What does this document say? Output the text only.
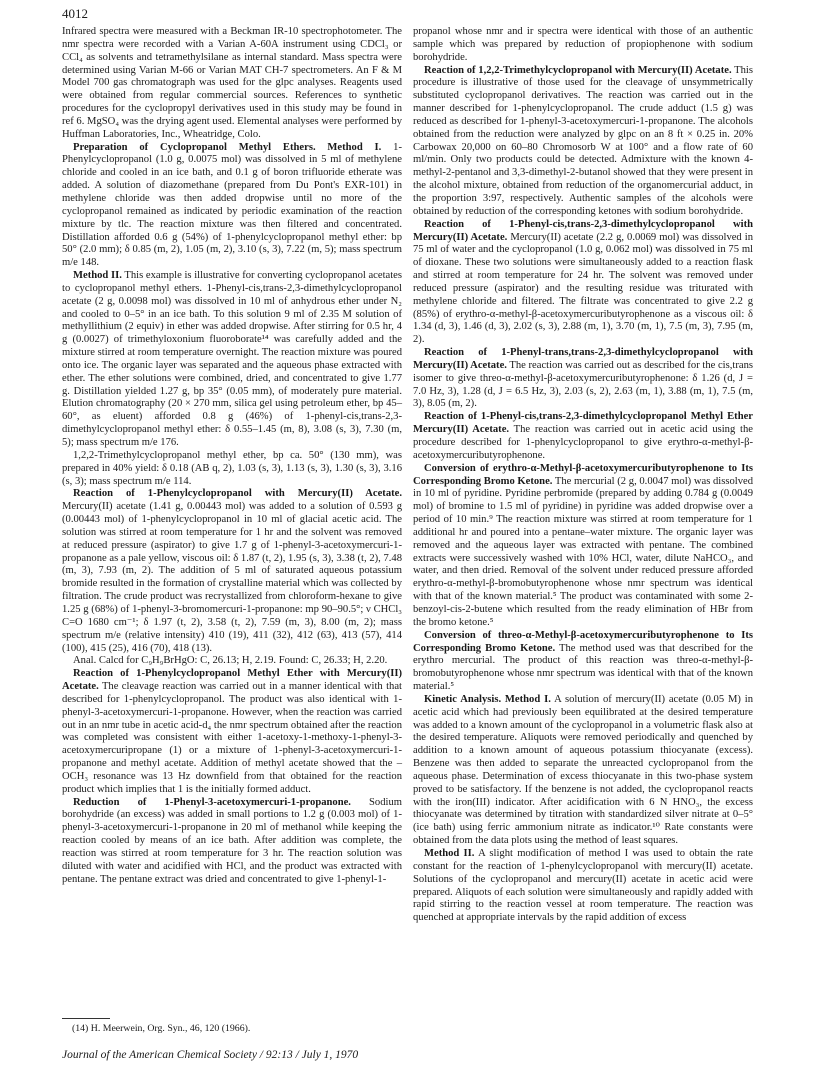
4012

Infrared spectra were measured with a Beckman IR-10 spectrophotometer. The nmr spectra were recorded with a Varian A-60A instrument using CDCl₃ or CCl₄ as solvents and tetramethylsilane as internal standard. Mass spectra were determined using Varian M-66 or Varian MAT CH-7 spectrometers. An F & M Model 700 gas chromatograph was used for the glpc analyses. Reagents used were obtained from regular commercial sources. References to synthetic procedures for the cyclopropyl derivatives used in this study may be found in ref 6. MgSO₄ was the drying agent used. Elemental analyses were performed by Huffman Laboratories, Inc., Wheatridge, Colo.

Preparation of Cyclopropanol Methyl Ethers. Method I. 1-Phenylcyclopropanol (1.0 g, 0.0075 mol) was dissolved in 5 ml of methylene chloride and cooled in an ice bath, and 0.1 g of boron trifluoride etherate was added. A solution of diazomethane (prepared from Du Pont's EXR-101) in methylene chloride was then added dropwise until no more of the cyclopropanol remained as indicated by periodic examination of the reaction mixture by tlc. The reaction mixture was then filtered and concentrated. Distillation afforded 0.6 g (54%) of 1-phenylcyclopropanol methyl ether: bp 50° (2.0 mm); δ 0.85 (m, 2), 1.05 (m, 2), 3.10 (s, 3), 7.22 (m, 5); mass spectrum m/e 148.

Method II. This example is illustrative for converting cyclopropanol acetates to cyclopropanol methyl ethers. 1-Phenyl-cis,trans-2,3-dimethylcyclopropanol acetate (2 g, 0.0098 mol) was dissolved in 10 ml of anhydrous ether under N₂ and cooled to 0–5° in an ice bath. To this solution 9 ml of 2.35 M solution of methyllithium (2 equiv) in ether was added dropwise. After stirring for 0.5 hr, 4 g (0.0027) of trimethyloxonium fluoroborate¹⁴ was carefully added and the mixture stirred at room temperature overnight. The reaction mixture was poured onto ice. The organic layer was separated and the aqueous phase extracted with ether. The ether solutions were combined, dried, and concentrated to give 1.77 g. Distillation yielded 1.27 g, bp 35° (0.05 mm), of moderately pure material. Elution chromatography (20 × 270 mm, silica gel using petroleum ether, bp 45–60°, as eluent) afforded 0.8 g (46%) of 1-phenyl-cis,trans-2,3-dimethylcyclopropanol methyl ether: δ 0.55–1.45 (m, 8), 3.08 (s, 3), 7.30 (m, 5); mass spectrum m/e 176.

1,2,2-Trimethylcyclopropanol methyl ether, bp ca. 50° (130 mm), was prepared in 40% yield: δ 0.18 (AB q, 2), 1.03 (s, 3), 1.13 (s, 3), 1.30 (s, 3), 3.16 (s, 3); mass spectrum m/e 114.

Reaction of 1-Phenylcyclopropanol with Mercury(II) Acetate. Mercury(II) acetate (1.41 g, 0.00443 mol) was added to a solution of 0.593 g (0.00443 mol) of 1-phenylcyclopropanol in 10 ml of glacial acetic acid. The solution was stirred at room temperature for 1 hr and the solvent was removed at reduced pressure (aspirator) to give 1.7 g of 1-phenyl-3-acetoxymercuri-1-propanone as a pale yellow, viscous oil: δ 1.87 (t, 2), 1.95 (s, 3), 3.38 (t, 2), 7.48 (m, 3), 7.93 (m, 2). The addition of 5 ml of saturated aqueous potassium bromide resulted in the formation of crystalline material which was collected by filtration. The crude product was recrystallized from chloroform-hexane to give 1.25 g (68%) of 1-phenyl-3-bromomercuri-1-propanone: mp 90–90.5°; ν CHCl₃ C=O 1680 cm⁻¹; δ 1.97 (t, 2), 3.58 (t, 2), 7.59 (m, 3), 8.00 (m, 2); mass spectrum m/e (relative intensity) 410 (19), 411 (32), 412 (63), 413 (57), 414 (100), 415 (25), 416 (70), 418 (13).

Anal. Calcd for C₉H₉BrHgO: C, 26.13; H, 2.19. Found: C, 26.33; H, 2.20.

Reaction of 1-Phenylcyclopropanol Methyl Ether with Mercury(II) Acetate. The cleavage reaction was carried out in a manner identical with that described for 1-phenylcyclopropanol. The product was also identical with 1-phenyl-3-acetoxymercuri-1-propanone. However, when the reaction was carried out in an nmr tube in acetic acid-d₄ the nmr spectrum obtained after the reaction was completed was consistent with either 1-acetoxy-1-methoxy-1-phenyl-3-acetoxymercuripropane (1) or a mixture of 1-phenyl-3-acetoxymercuri-1-propanone and methyl acetate. Addition of methyl acetate showed that the –OCH₃ resonance was 13 Hz downfield from that obtained for the reaction product which implies that 1 is the initially formed adduct.

Reduction of 1-Phenyl-3-acetoxymercuri-1-propanone. Sodium borohydride (an excess) was added in small portions to 1.2 g (0.003 mol) of 1-phenyl-3-acetoxymercuri-1-propanone in 20 ml of methanol while keeping the reaction cooled by means of an ice bath. After addition was complete, the reaction was stirred at room temperature for 3 hr. The reaction solution was diluted with water and acidified with HCl, and the product was extracted with pentane. The pentane extract was dried and concentrated to give 1-phenyl-1-

propanol whose nmr and ir spectra were identical with those of an authentic sample which was prepared by reduction of propiophenone with sodium borohydride.

Reaction of 1,2,2-Trimethylcyclopropanol with Mercury(II) Acetate. This procedure is illustrative of those used for the cleavage of unsymmetrically substituted cyclopropanol derivatives. The reaction was carried out in the manner described for 1-phenylcyclopropanol. The crude adduct (1.5 g) was reduced as described for 1-phenyl-3-acetoxymercuri-1-propanone. The alcohols obtained from the reduction were analyzed by glpc on an 8 ft × 0.25 in. 20% Carbowax 20,000 on 60–80 Chromosorb W at 100° and a flow rate of 60 ml/min. Only two products could be detected. Admixture with the known 4-methyl-2-pentanol and 3,3-dimethyl-2-butanol showed that they were present in the alcohol mixture, obtained from reduction of the organomercurial adduct, in the proportion 3:97, respectively. Authentic samples of the alcohols were obtained by reduction of the corresponding ketones with sodium borohydride.

Reaction of 1-Phenyl-cis,trans-2,3-dimethylcyclopropanol with Mercury(II) Acetate. Mercury(II) acetate (2.2 g, 0.0069 mol) was dissolved in 75 ml of water and the cyclopropanol (1.0 g, 0.062 mol) was dissolved in 75 ml of dioxane. These two solutions were simultaneously added to a reaction flask and stirred at room temperature for 24 hr. The solvent was removed under reduced pressure (aspirator) and the resulting residue was triturated with methylene chloride and filtered. The filtrate was concentrated to give 2.2 g (85%) of erythro-α-methyl-β-acetoxymercuributyrophenone as a viscous oil: δ 1.34 (d, 3), 1.46 (d, 3), 2.02 (s, 3), 2.88 (m, 1), 3.70 (m, 1), 7.5 (m, 3), 7.95 (m, 2).

Reaction of 1-Phenyl-trans,trans-2,3-dimethylcyclopropanol with Mercury(II) Acetate. The reaction was carried out as described for the cis,trans isomer to give threo-α-methyl-β-acetoxymercuributyrophenone: δ 1.26 (d, J = 7.0 Hz, 3), 1.28 (d, J = 6.5 Hz, 3), 2.03 (s, 2), 2.63 (m, 1), 3.88 (m, 1), 7.5 (m, 3), 8.05 (m, 2).

Reaction of 1-Phenyl-cis,trans-2,3-dimethylcyclopropanol Methyl Ether Mercury(II) Acetate. The reaction was carried out in acetic acid using the procedure described for 1-phenylcyclopropanol to give erythro-α-methyl-β-acetoxymercuributyrophenone.

Conversion of erythro-α-Methyl-β-acetoxymercuributyrophenone to Its Corresponding Bromo Ketone. The mercurial (2 g, 0.0047 mol) was dissolved in 10 ml of pyridine. Pyridine perbromide (prepared by adding 0.784 g (0.0049 mol) of bromine to 1.5 ml of pyridine) in pyridine was added dropwise over a period of 10 min.⁹ The reaction mixture was stirred at room temperature for 1 additional hr and poured into a pentane–water mixture. The organic layer was removed and the aqueous layer was extracted with pentane. The combined extracts were successively washed with 10% HCl, water, dilute NaHCO₃, and water, and then dried. Removal of the solvent under reduced pressure afforded erythro-α-methyl-β-bromobutyrophenone whose nmr spectrum was identical with that of the known material.⁵ The product was contaminated with some 2-benzoyl-cis-2-butene which resulted from the ready elimination of HBr from the bromo ketone.⁵

Conversion of threo-α-Methyl-β-acetoxymercuributyrophenone to Its Corresponding Bromo Ketone. The method used was that described for the erythro mercurial. The product of this reaction was threo-α-methyl-β-bromobutyrophenone whose nmr spectrum was identical with that of the known material.⁵

Kinetic Analysis. Method I. A solution of mercury(II) acetate (0.05 M) in acetic acid which had previously been equilibrated at the desired temperature was added to a known amount of the cyclopropanol in a volumetric flask also at the desired temperature. Aliquots were removed periodically and quenched by addition to a known amount of aqueous potassium thiocyanate (excess). Benzene was then added to separate the unreacted cyclopropanol from the aqueous phase. Determination of excess thiocyanate in this two-phase system proved to be satisfactory. If the benzene is not added, the cyclopropanol reacts with the iron(III) indicator. After acidification with 6 N HNO₃, the excess thiocyanate was determined by titration with standardized silver nitrate at 0–5° (ice bath) using ferric ammonium nitrate as indicator.¹⁰ Rate constants were obtained from the data plots using the method of least squares.

Method II. A slight modification of method I was used to obtain the rate constant for the reaction of 1-phenylcyclopropanol with mercury(II) acetate. Solutions of the cyclopropanol and mercury(II) acetate in acetic acid were prepared. Aliquots of each solution were simultaneously and rapidly added with rapid stirring to the reaction vessel at room temperature. The reaction was quenched at appropriate intervals by the rapid addition of excess

(14) H. Meerwein, Org. Syn., 46, 120 (1966).
Journal of the American Chemical Society / 92:13 / July 1, 1970
